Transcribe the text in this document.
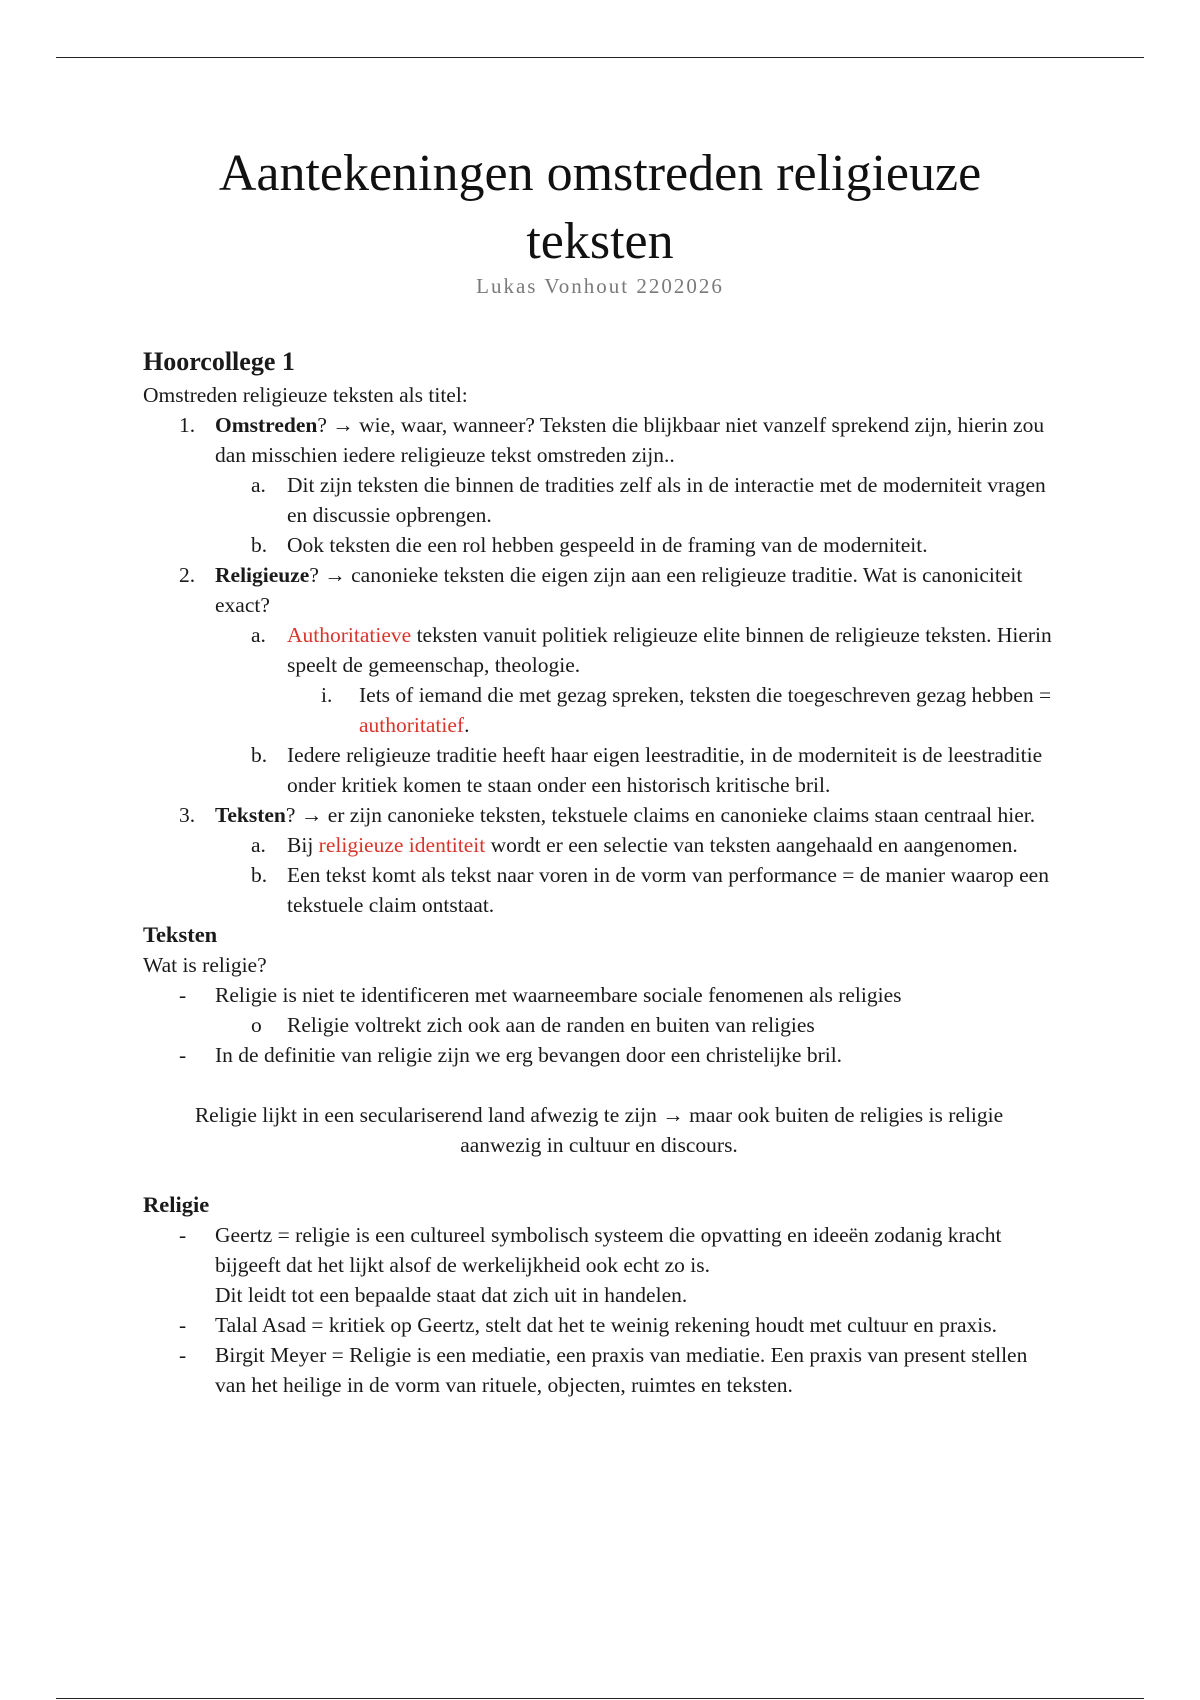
Aantekeningen omstreden religieuze
teksten
Lukas Vonhout 2202026

Hoorcollege 1

Omstreden religieuze teksten als titel:

1. Omstreden? → wie, waar, wanneer? Teksten die blijkbaar niet vanzelf sprekend zijn, hierin zou dan misschien iedere religieuze tekst omstreden zijn..
a. Dit zijn teksten die binnen de tradities zelf als in de interactie met de moderniteit vragen en discussie opbrengen.
b. Ook teksten die een rol hebben gespeeld in de framing van de moderniteit.
2. Religieuze? → canonieke teksten die eigen zijn aan een religieuze traditie. Wat is canoniciteit exact?
a. Authoritatieve teksten vanuit politiek religieuze elite binnen de religieuze teksten. Hierin speelt de gemeenschap, theologie.
i. Iets of iemand die met gezag spreken, teksten die toegeschreven gezag hebben = authoritatief.
b. Iedere religieuze traditie heeft haar eigen leestraditie, in de moderniteit is de leestraditie onder kritiek komen te staan onder een historisch kritische bril.
3. Teksten? → er zijn canonieke teksten, tekstuele claims en canonieke claims staan centraal hier.
a. Bij religieuze identiteit wordt er een selectie van teksten aangehaald en aangenomen.
b. Een tekst komt als tekst naar voren in de vorm van performance = de manier waarop een tekstuele claim ontstaat.

Teksten

Wat is religie?

- Religie is niet te identificeren met waarneembare sociale fenomenen als religies
o Religie voltrekt zich ook aan de randen en buiten van religies
- In de definitie van religie zijn we erg bevangen door een christelijke bril.

Religie lijkt in een seculariserend land afwezig te zijn → maar ook buiten de religies is religie

aanwezig in cultuur en discours.

Religie

- Geertz = religie is een cultureel symbolisch systeem die opvatting en ideeën zodanig kracht bijgeeft dat het lijkt alsof de werkelijkheid ook echt zo is.

Dit leidt tot een bepaalde staat dat zich uit in handelen.

- Talal Asad = kritiek op Geertz, stelt dat het te weinig rekening houdt met cultuur en praxis.
- Birgit Meyer = Religie is een mediatie, een praxis van mediatie. Een praxis van present stellen van het heilige in de vorm van rituele, objecten, ruimtes en teksten.
